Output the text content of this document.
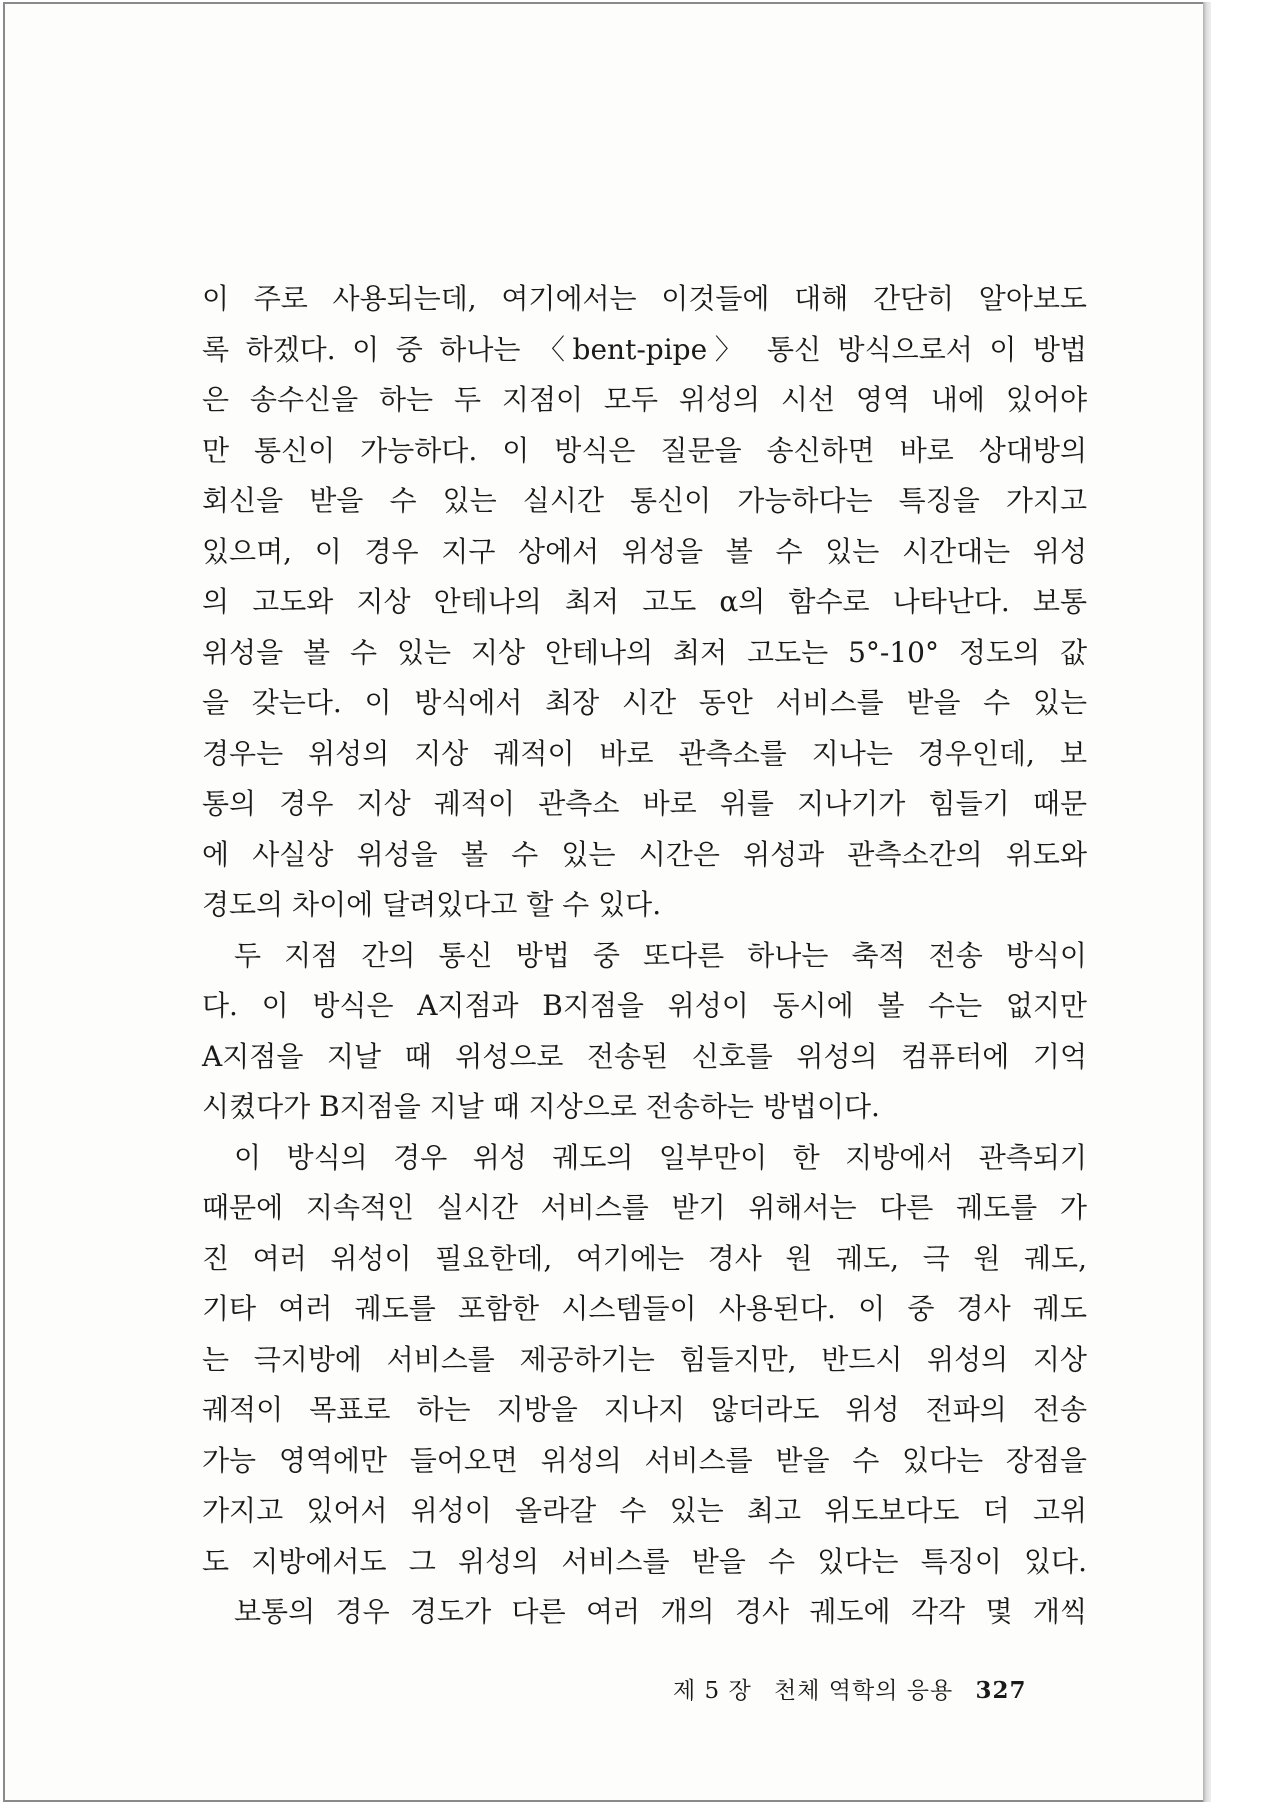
이 주로 사용되는데, 여기에서는 이것들에 대해 간단히 알아보도
록 하겠다. 이 중 하나는 〈bent-pipe〉 통신 방식으로서 이 방법
은 송수신을 하는 두 지점이 모두 위성의 시선 영역 내에 있어야
만 통신이 가능하다. 이 방식은 질문을 송신하면 바로 상대방의
회신을 받을 수 있는 실시간 통신이 가능하다는 특징을 가지고
있으며, 이 경우 지구 상에서 위성을 볼 수 있는 시간대는 위성
의 고도와 지상 안테나의 최저 고도 α의 함수로 나타난다. 보통
위성을 볼 수 있는 지상 안테나의 최저 고도는 5°-10° 정도의 값
을 갖는다. 이 방식에서 최장 시간 동안 서비스를 받을 수 있는
경우는 위성의 지상 궤적이 바로 관측소를 지나는 경우인데, 보
통의 경우 지상 궤적이 관측소 바로 위를 지나기가 힘들기 때문
에 사실상 위성을 볼 수 있는 시간은 위성과 관측소간의 위도와
경도의 차이에 달려있다고 할 수 있다.
두 지점 간의 통신 방법 중 또다른 하나는 축적 전송 방식이
다. 이 방식은 A지점과 B지점을 위성이 동시에 볼 수는 없지만
A지점을 지날 때 위성으로 전송된 신호를 위성의 컴퓨터에 기억
시켰다가 B지점을 지날 때 지상으로 전송하는 방법이다.
이 방식의 경우 위성 궤도의 일부만이 한 지방에서 관측되기
때문에 지속적인 실시간 서비스를 받기 위해서는 다른 궤도를 가
진 여러 위성이 필요한데, 여기에는 경사 원 궤도, 극 원 궤도,
기타 여러 궤도를 포함한 시스템들이 사용된다. 이 중 경사 궤도
는 극지방에 서비스를 제공하기는 힘들지만, 반드시 위성의 지상
궤적이 목표로 하는 지방을 지나지 않더라도 위성 전파의 전송
가능 영역에만 들어오면 위성의 서비스를 받을 수 있다는 장점을
가지고 있어서 위성이 올라갈 수 있는 최고 위도보다도 더 고위
도 지방에서도 그 위성의 서비스를 받을 수 있다는 특징이 있다.
보통의 경우 경도가 다른 여러 개의 경사 궤도에 각각 몇 개씩
제 5 장 천체 역학의 응용 327
